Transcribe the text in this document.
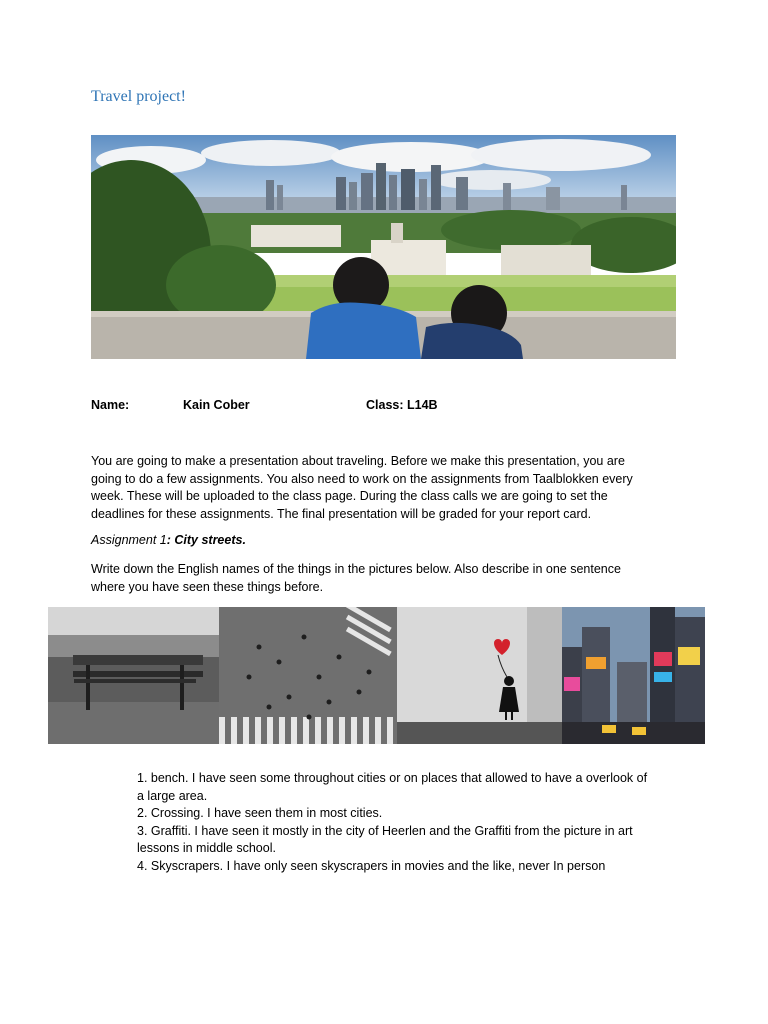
Travel project!
Name:	Kain Cober	Class: L14B
You are going to make a presentation about traveling. Before we make this presentation, you are
going to do a few assignments. You also need to work on the assignments from Taalblokken every
week. These will be uploaded to the class page. During the class calls we are going to set the
deadlines for these assignments. The final presentation will be graded for your report card.
Assignment 1: City streets.
Write down the English names of the things in the pictures below. Also describe in one sentence
where you have seen these things before.
1. bench. I have seen some throughout cities or on places that allowed to have a overlook of
a large area.
2. Crossing. I have seen them in most cities.
3. Graffiti. I have seen it mostly in the city of Heerlen and the Graffiti from the picture in art
lessons in middle school.
4. Skyscrapers. I have only seen skyscrapers in movies and the like, never In person
